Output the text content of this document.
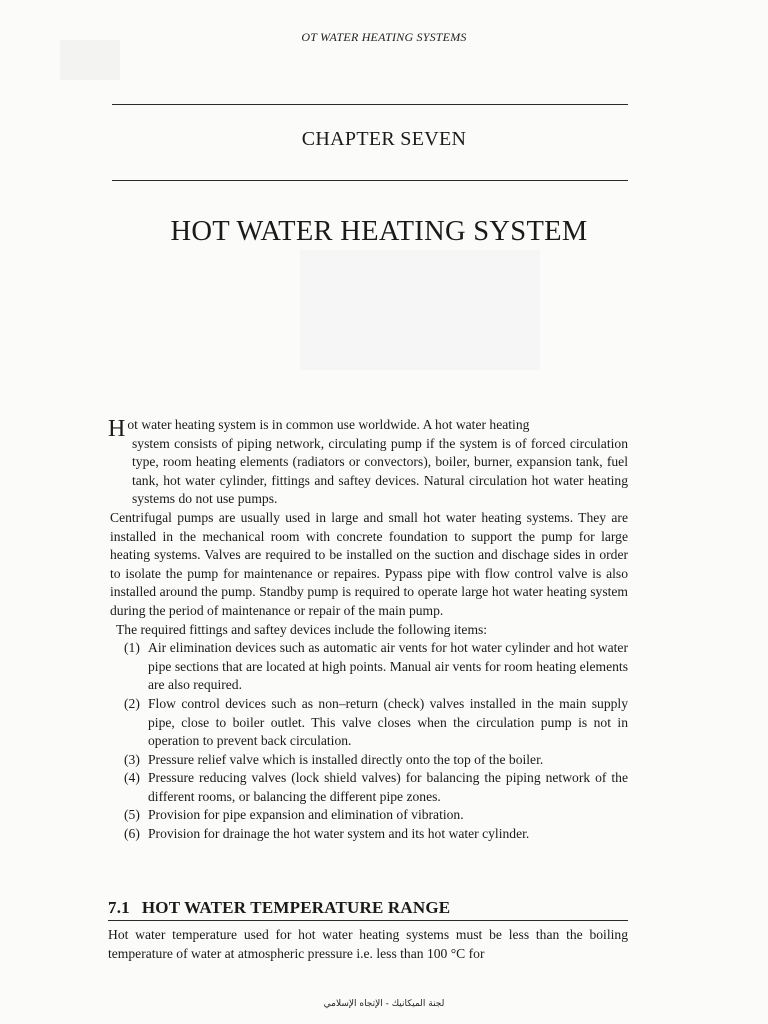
OT WATER HEATING SYSTEMS
CHAPTER SEVEN
HOT WATER HEATING SYSTEM

H ot water heating system is in common use worldwide. A hot water heating

system consists of piping network, circulating pump if the system is of forced circulation type, room heating elements (radiators or convectors), boiler, burner, expansion tank, fuel tank, hot water cylinder, fittings and saftey devices. Natural circulation hot water heating systems do not use pumps.

Centrifugal pumps are usually used in large and small hot water heating systems. They are installed in the mechanical room with concrete foundation to support the pump for large heating systems. Valves are required to be installed on the suction and dischage sides in order to isolate the pump for maintenance or repaires. Pypass pipe with flow control valve is also installed around the pump. Standby pump is required to operate large hot water heating system during the period of maintenance or repair of the main pump.

The required fittings and saftey devices include the following items:

(1) Air elimination devices such as automatic air vents for hot water cylinder and hot water pipe sections that are located at high points. Manual air vents for room heating elements are also required.
(2) Flow control devices such as non–return (check) valves installed in the main supply pipe, close to boiler outlet. This valve closes when the circulation pump is not in operation to prevent back circulation.
(3) Pressure relief valve which is installed directly onto the top of the boiler.
(4) Pressure reducing valves (lock shield valves) for balancing the piping network of the different rooms, or balancing the different pipe zones.
(5) Provision for pipe expansion and elimination of vibration.
(6) Provision for drainage the hot water system and its hot water cylinder.
7.1 HOT WATER TEMPERATURE RANGE
Hot water temperature used for hot water heating systems must be less than the boiling temperature of water at atmospheric pressure i.e. less than 100 °C for
لجنة الميكانيك - الإتجاه الإسلامي
